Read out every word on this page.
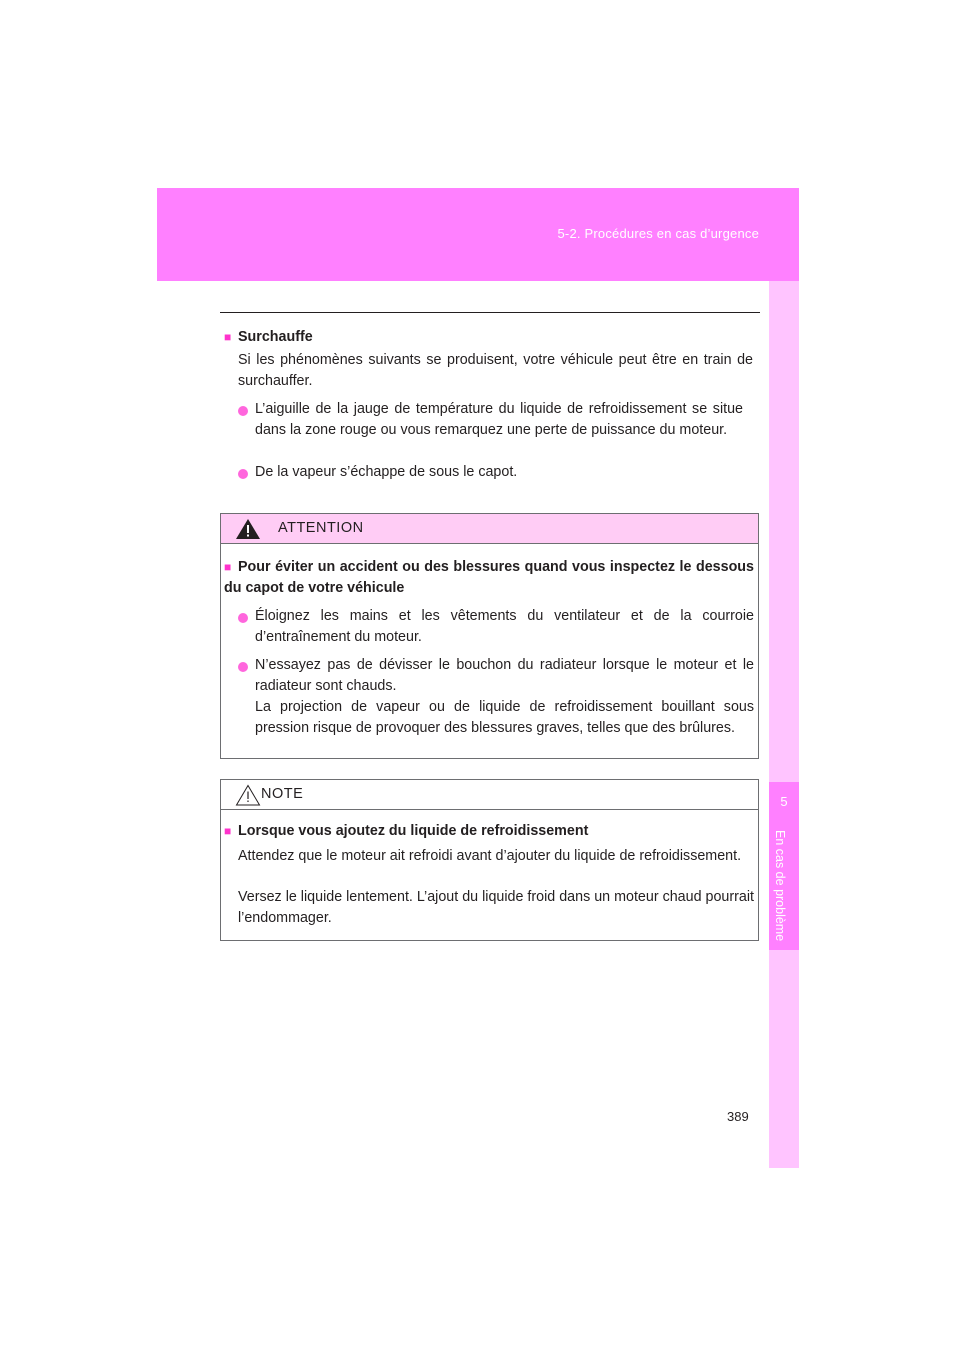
5-2. Procédures en cas d’urgence
5
En cas de problème
■ Surchauffe
Si les phénomènes suivants se produisent, votre véhicule peut être en train de surchauffer.
L’aiguille de la jauge de température du liquide de refroidissement se situe dans la zone rouge ou vous remarquez une perte de puissance du moteur.
De la vapeur s’échappe de sous le capot.
ATTENTION
■ Pour éviter un accident ou des blessures quand vous inspectez le dessous du capot de votre véhicule
Éloignez les mains et les vêtements du ventilateur et de la courroie d’entraînement du moteur.
N’essayez pas de dévisser le bouchon du radiateur lorsque le moteur et le radiateur sont chauds.
La projection de vapeur ou de liquide de refroidissement bouillant sous pression risque de provoquer des blessures graves, telles que des brûlures.
NOTE
■ Lorsque vous ajoutez du liquide de refroidissement
Attendez que le moteur ait refroidi avant d’ajouter du liquide de refroidissement.
Versez le liquide lentement. L’ajout du liquide froid dans un moteur chaud pourrait l’endommager.
389
